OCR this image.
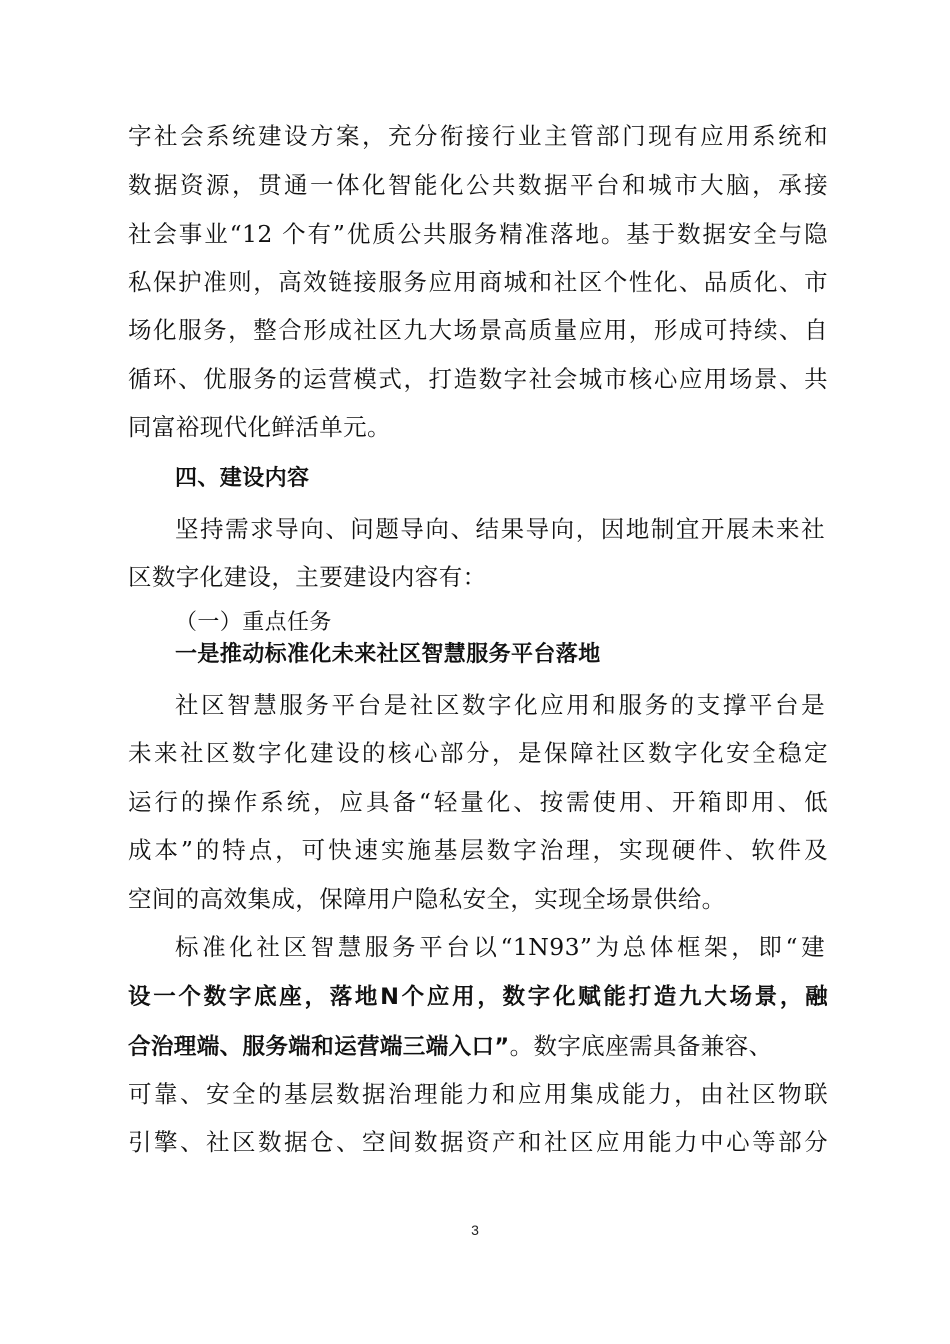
字社会系统建设方案，充分衔接行业主管部门现有应用系统和
数据资源，贯通一体化智能化公共数据平台和城市大脑，承接
社会事业“12 个有”优质公共服务精准落地。基于数据安全与隐
私保护准则，高效链接服务应用商城和社区个性化、品质化、市
场化服务，整合形成社区九大场景高质量应用，形成可持续、自
循环、优服务的运营模式，打造数字社会城市核心应用场景、共
同富裕现代化鲜活单元。
四、建设内容
坚持需求导向、问题导向、结果导向，因地制宜开展未来社
区数字化建设，主要建设内容有：
（一）重点任务
一是推动标准化未来社区智慧服务平台落地
社区智慧服务平台是社区数字化应用和服务的支撑平台是
未来社区数字化建设的核心部分，是保障社区数字化安全稳定
运行的操作系统，应具备“轻量化、按需使用、开箱即用、低
成本”的特点，可快速实施基层数字治理，实现硬件、软件及
空间的高效集成，保障用户隐私安全，实现全场景供给。
标准化社区智慧服务平台以“1N93”为总体框架，即“建
设一个数字底座，落地N个应用，数字化赋能打造九大场景，融
合治理端、服务端和运营端三端入口”。数字底座需具备兼容、
可靠、安全的基层数据治理能力和应用集成能力，由社区物联
引擎、社区数据仓、空间数据资产和社区应用能力中心等部分
3
